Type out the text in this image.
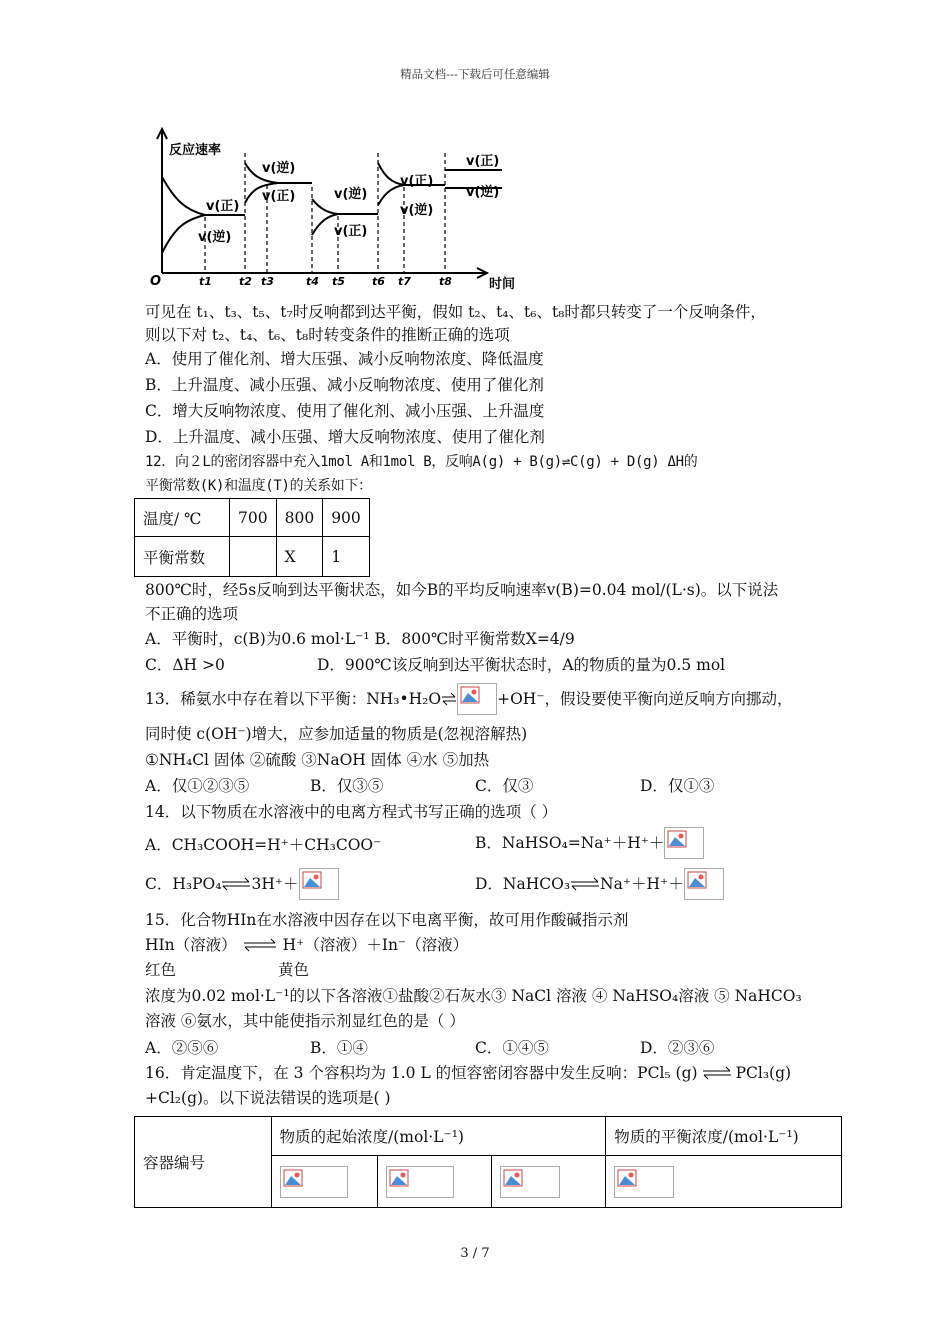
精品文档---下载后可任意编辑
反应速率
时间
O	t1 t2 t3	t4 t5 t6 t7	t8
v(正)
v(逆)
v(逆)
v(正)	v(逆)
v(正)
v(正)
v(逆)
v(正)
v(逆)
可见在 t₁、t₃、t₅、t₇时反响都到达平衡，假如 t₂、t₄、t₆、t₈时都只转变了一个反响条件，
则以下对 t₂、t₄、t₆、t₈时转变条件的推断正确的选项
A．使用了催化剂、增大压强、减小反响物浓度、降低温度
B．上升温度、减小压强、减小反响物浓度、使用了催化剂
C．增大反响物浓度、使用了催化剂、减小压强、上升温度
D．上升温度、减小压强、增大反响物浓度、使用了催化剂
12．向２L的密闭容器中充入1mol A和1mol B，反响A(g) + B(g)⇌C(g) + D(g) ΔH的
平衡常数(K)和温度(T)的关系如下：
温度/ ℃	700	800	900
平衡常数		X	1
800℃时，经5s反响到达平衡状态，如今B的平均反响速率v(B)=0.04 mol/(L·s)。以下说法
不正确的选项
A．平衡时，c(B)为0.6 mol·L⁻¹ B．800℃时平衡常数X=4/9
C．ΔH >0	D．900℃该反响到达平衡状态时，A的物质的量为0.5 mol
13．稀氨水中存在着以下平衡：NH₃•H₂O ⇌	+OH⁻，假设要使平衡向逆反响方向挪动，
同时使 c(OH⁻)增大，应参加适量的物质是(忽视溶解热)
①NH₄Cl 固体 ②硫酸 ③NaOH 固体 ④水 ⑤加热
A．仅①②③⑤	B．仅③⑤	C．仅③	D．仅①③
14．以下物质在水溶液中的电离方程式书写正确的选项（ ）
A．CH₃COOH=H⁺＋CH₃COO⁻	B．NaHSO₄=Na⁺＋H⁺＋
C．H₃PO₄ ⇌ 3H⁺＋	D．NaHCO₃ ⇌ Na⁺＋H⁺＋
15．化合物HIn在水溶液中因存在以下电离平衡，故可用作酸碱指示剂
HIn（溶液） ⇌ H⁺（溶液）＋In⁻（溶液）
红色	黄色
浓度为0.02 mol·L⁻¹的以下各溶液①盐酸②石灰水③ NaCl 溶液 ④ NaHSO₄溶液 ⑤ NaHCO₃
溶液 ⑥氨水，其中能使指示剂显红色的是（ ）
A．②⑤⑥	B．①④	C．①④⑤	D．②③⑥
16．肯定温度下，在 3 个容积均为 1.0 L 的恒容密闭容器中发生反响：PCl₅ (g) ⇌ PCl₃(g)
+Cl₂(g)。以下说法错误的选项是( )
容器编号	物质的起始浓度/(mol·L⁻¹)			物质的平衡浓度/(mol·L⁻¹)

3 / 7
